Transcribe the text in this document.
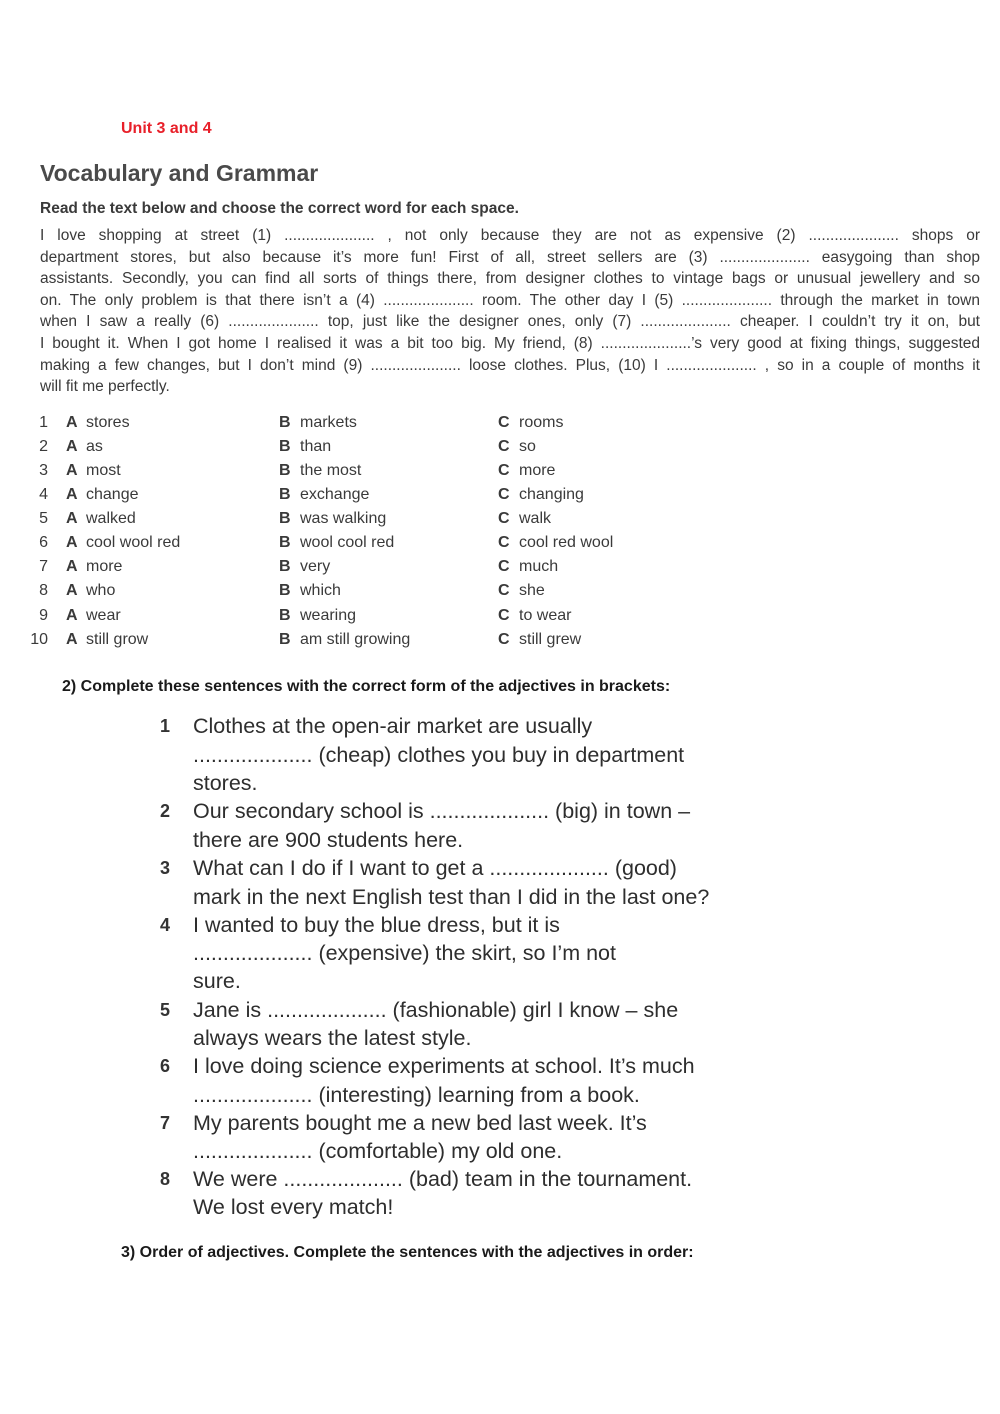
Unit 3 and 4
Vocabulary and Grammar
Read the text below and choose the correct word for each space.
I love shopping at street (1) ..................... , not only because they are not as expensive (2) ..................... shops or
department stores, but also because it’s more fun! First of all, street sellers are (3) ..................... easygoing than shop
assistants. Secondly, you can find all sorts of things there, from designer clothes to vintage bags or unusual jewellery and so
on. The only problem is that there isn’t a (4) ..................... room. The other day I (5) ..................... through the market in town
when I saw a really (6) ..................... top, just like the designer ones, only (7) ..................... cheaper. I couldn’t try it on, but
I bought it. When I got home I realised it was a bit too big. My friend, (8) .....................’s very good at fixing things, suggested
making a few changes, but I don’t mind (9) ..................... loose clothes. Plus, (10) I ..................... , so in a couple of months it
will fit me perfectly.
1 A stores	B markets	C rooms
2 A as	B than	C so
3 A most	B the most	C more
4 A change	B exchange	C changing
5 A walked	B was walking	C walk
6 A cool wool red	B wool cool red	C cool red wool
7 A more	B very	C much
8 A who	B which	C she
9 A wear	B wearing	C to wear
10 A still grow	B am still growing	C still grew
2) Complete these sentences with the correct form of the adjectives in brackets:
1 Clothes at the open-air market are usually
.................... (cheap) clothes you buy in department
stores.
2 Our secondary school is .................... (big) in town –
there are 900 students here.
3 What can I do if I want to get a .................... (good)
mark in the next English test than I did in the last one?
4 I wanted to buy the blue dress, but it is
.................... (expensive) the skirt, so I’m not
sure.
5 Jane is .................... (fashionable) girl I know – she
always wears the latest style.
6 I love doing science experiments at school. It’s much
.................... (interesting) learning from a book.
7 My parents bought me a new bed last week. It’s
.................... (comfortable) my old one.
8 We were .................... (bad) team in the tournament.
We lost every match!
3) Order of adjectives. Complete the sentences with the adjectives in order:
